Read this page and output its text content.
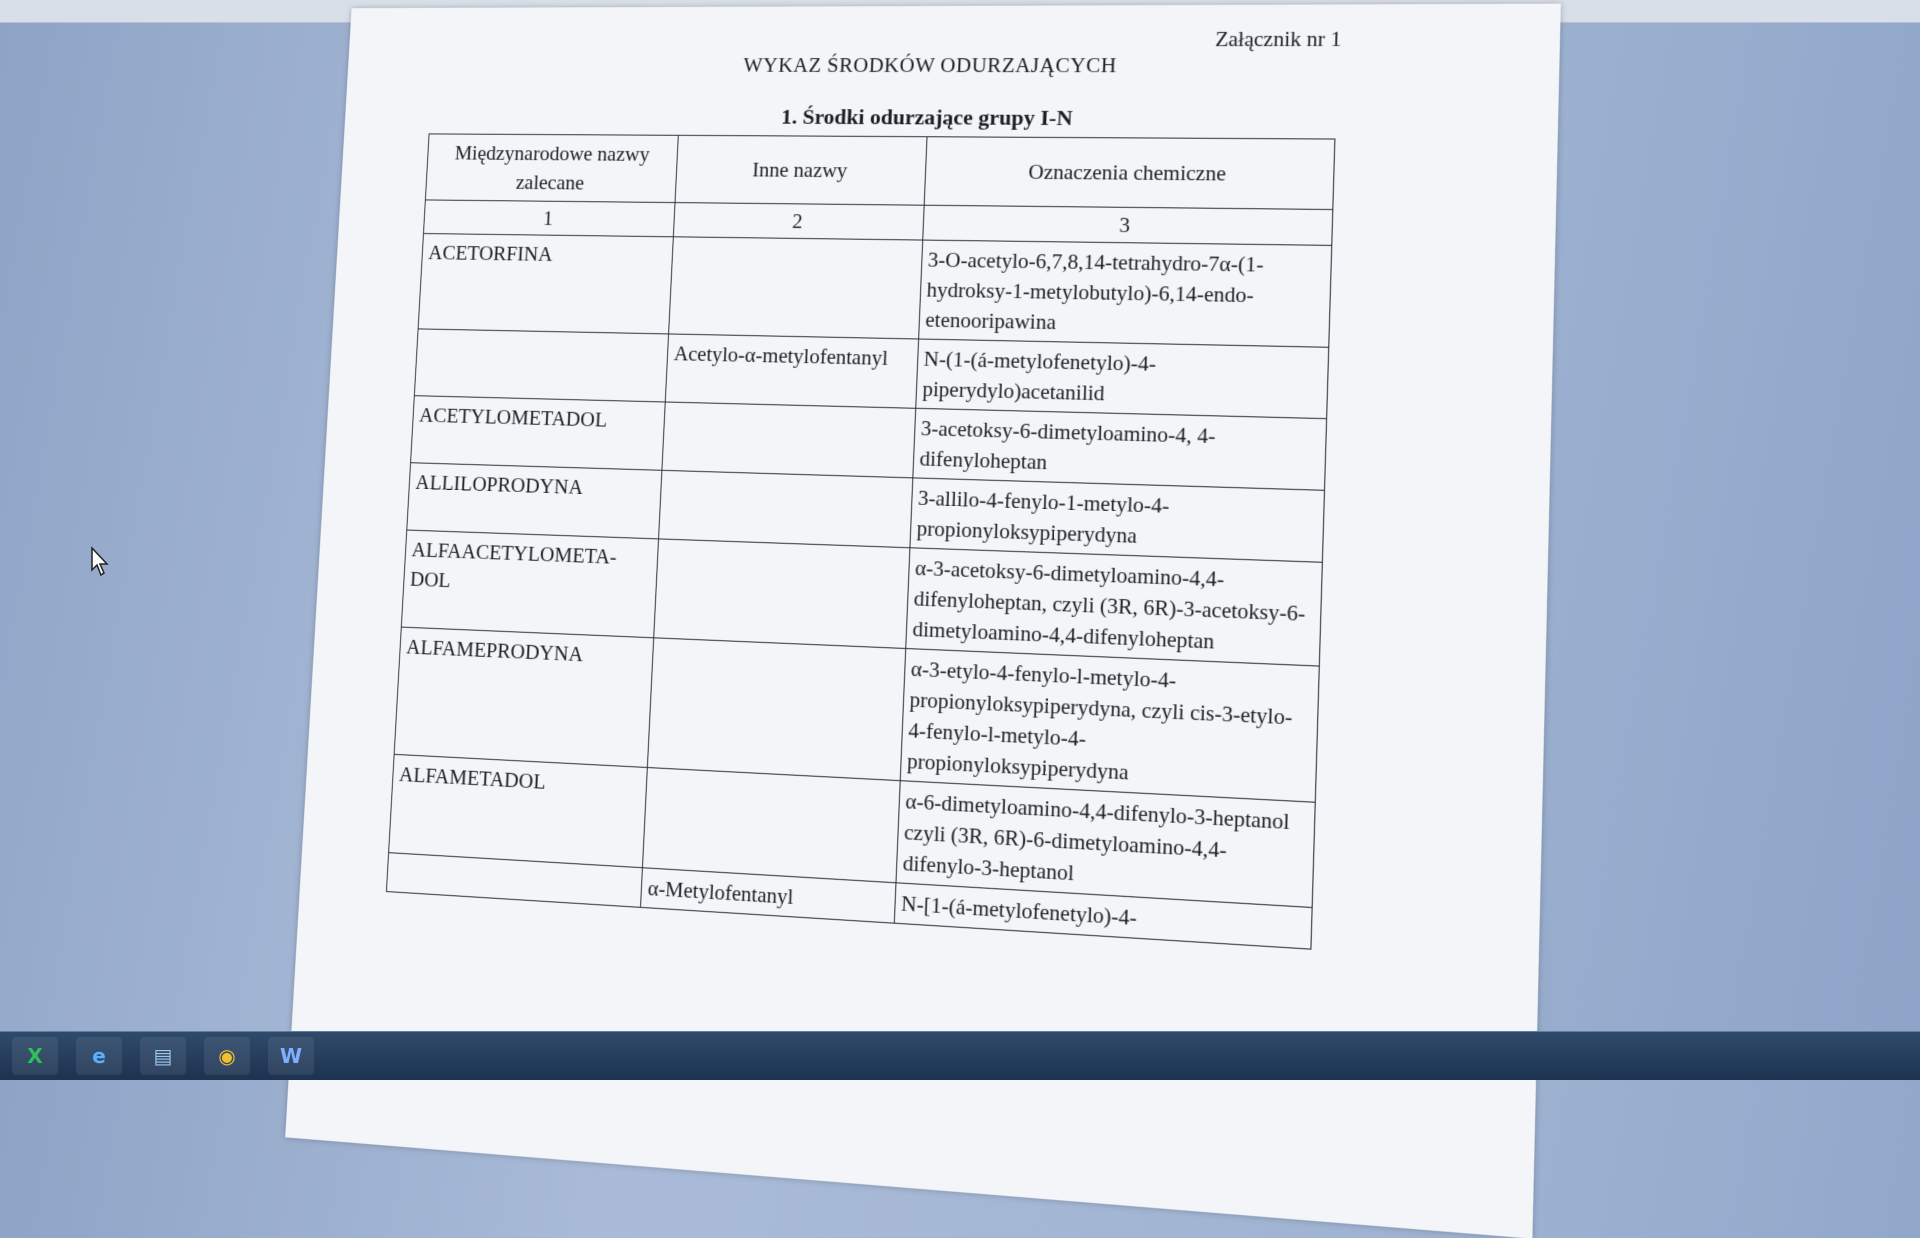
Załącznik nr 1
WYKAZ ŚRODKÓW ODURZAJĄCYCH
1. Środki odurzające grupy I-N
Międzynarodowe nazwy zalecane	Inne nazwy	Oznaczenia chemiczne
1	2	3
ACETORFINA		3-O-acetylo-6,7,8,14-tetrahydro-7α-(1-hydroksy-1-metylobutylo)-6,14-endo-etenooripawina
	Acetylo-α-metylofentanyl	N-(1-(á-metylofenetylo)-4-piperydylo)acetanilid
ACETYLOMETADOL		3-acetoksy-6-dimetyloamino-4, 4-difenyloheptan
ALLILOPRODYNA		3-allilo-4-fenylo-1-metylo-4-propionyloksypiperydyna
ALFAACETYLOMETA-DOL		α-3-acetoksy-6-dimetyloamino-4,4-difenyloheptan, czyli (3R, 6R)-3-acetoksy-6-dimetyloamino-4,4-difenyloheptan
ALFAMEPRODYNA		α-3-etylo-4-fenylo-l-metylo-4-propionyloksypiperydyna, czyli cis-3-etylo-4-fenylo-l-metylo-4-propionyloksypiperydyna
ALFAMETADOL		α-6-dimetyloamino-4,4-difenylo-3-heptanol czyli (3R, 6R)-6-dimetyloamino-4,4-difenylo-3-heptanol
	α-Metylofentanyl	N-[1-(á-metylofenetylo)-4-
X e ▤ ◉ W
